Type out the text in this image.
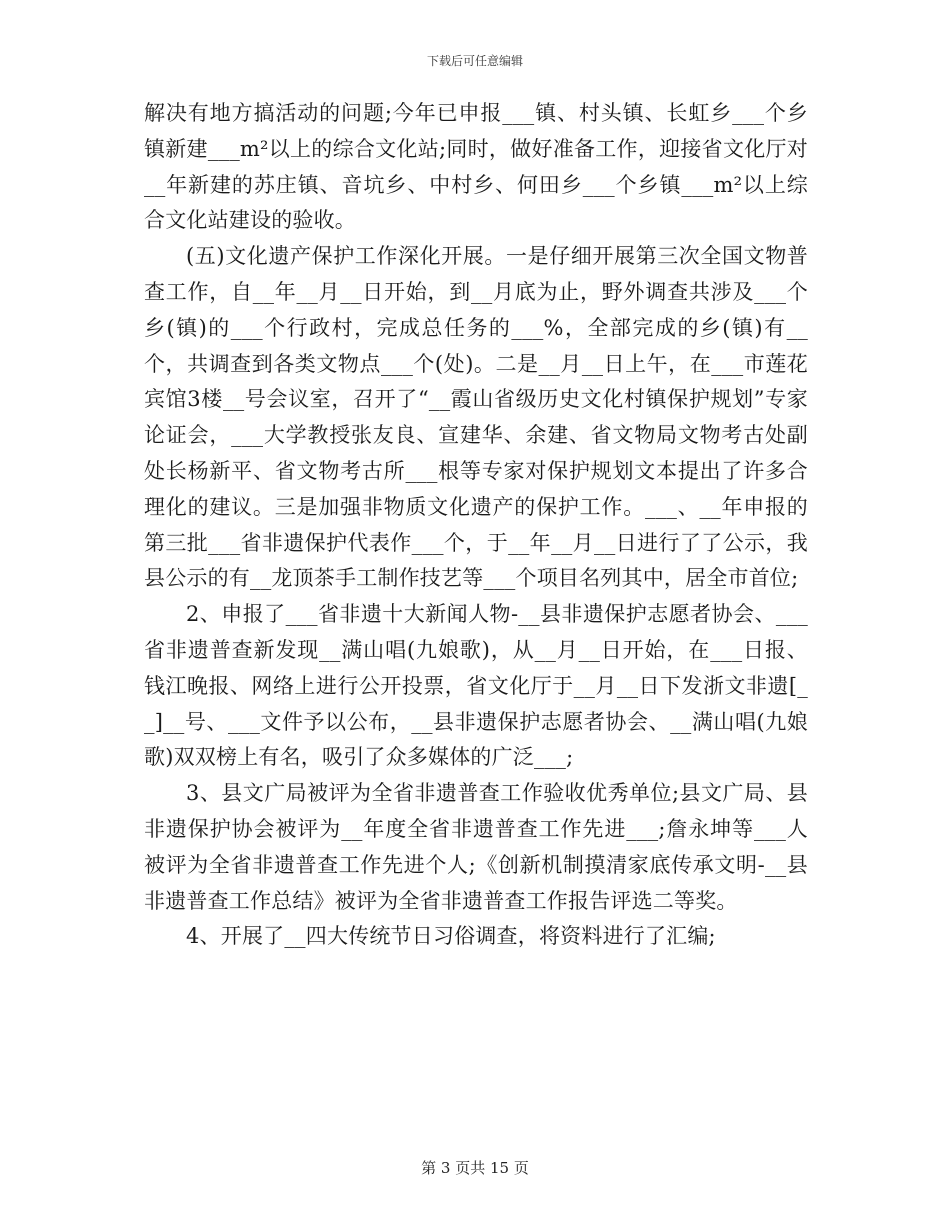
下载后可任意编辑

解决有地方搞活动的问题;今年已申报___镇、村头镇、长虹乡___个乡镇新建___m²以上的综合文化站;同时，做好准备工作，迎接省文化厅对__年新建的苏庄镇、音坑乡、中村乡、何田乡___个乡镇___m²以上综合文化站建设的验收。

(五)文化遗产保护工作深化开展。一是仔细开展第三次全国文物普查工作，自__年__月__日开始，到__月底为止，野外调查共涉及___个乡(镇)的___个行政村，完成总任务的___%，全部完成的乡(镇)有__个，共调查到各类文物点___个(处)。二是__月__日上午，在___市莲花宾馆3楼__号会议室，召开了“__霞山省级历史文化村镇保护规划”专家论证会，___大学教授张友良、宣建华、余建、省文物局文物考古处副处长杨新平、省文物考古所___根等专家对保护规划文本提出了许多合理化的建议。三是加强非物质文化遗产的保护工作。___、__年申报的第三批___省非遗保护代表作___个，于__年__月__日进行了了公示，我县公示的有__龙顶茶手工制作技艺等___个项目名列其中，居全市首位;

2、申报了___省非遗十大新闻人物-__县非遗保护志愿者协会、___省非遗普查新发现__满山唱(九娘歌)，从__月__日开始，在___日报、钱江晚报、网络上进行公开投票，省文化厅于__月__日下发浙文非遗[__]__号、___文件予以公布，__县非遗保护志愿者协会、__满山唱(九娘歌)双双榜上有名，吸引了众多媒体的广泛___;

3、县文广局被评为全省非遗普查工作验收优秀单位;县文广局、县非遗保护协会被评为__年度全省非遗普查工作先进___;詹永坤等___人被评为全省非遗普查工作先进个人;《创新机制摸清家底传承文明-__县非遗普查工作总结》被评为全省非遗普查工作报告评选二等奖。

4、开展了__四大传统节日习俗调查，将资料进行了汇编;

第 3 页共 15 页
